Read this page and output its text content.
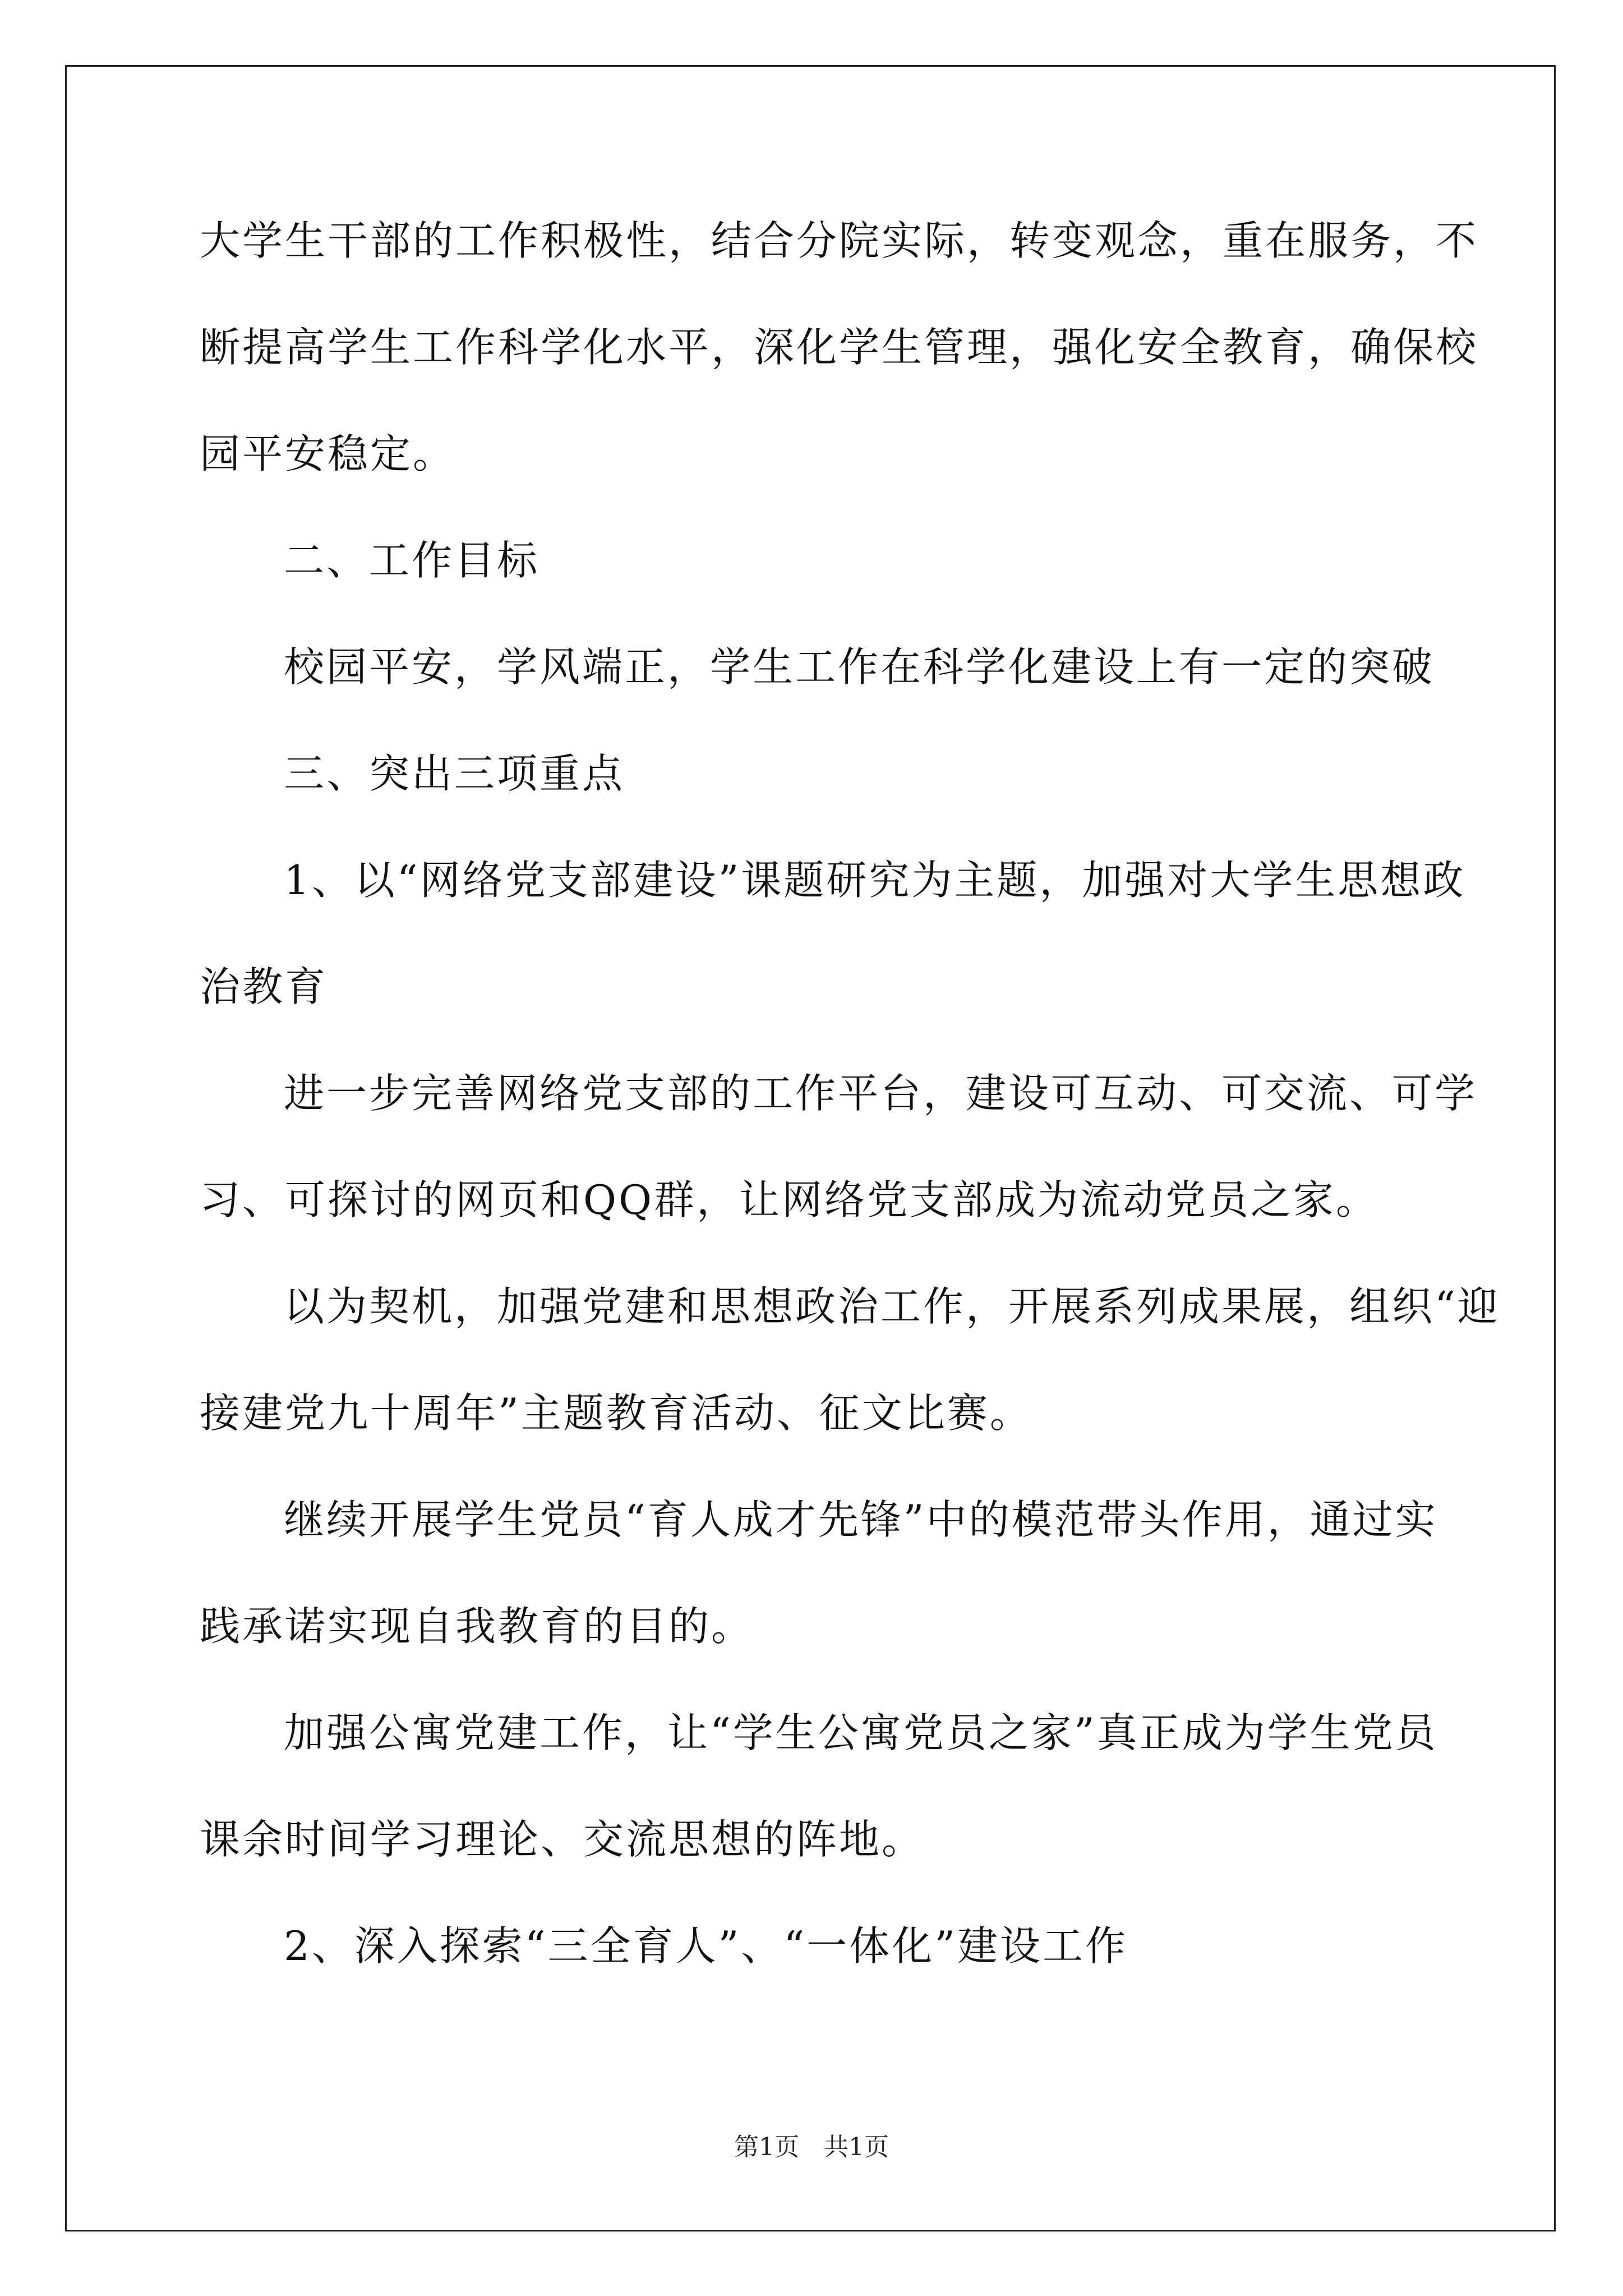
大学生干部的工作积极性，结合分院实际，转变观念，重在服务，不
断提高学生工作科学化水平，深化学生管理，强化安全教育，确保校
园平安稳定。
二、工作目标
校园平安，学风端正，学生工作在科学化建设上有一定的突破
三、突出三项重点
1、以“网络党支部建设”课题研究为主题，加强对大学生思想政
治教育
进一步完善网络党支部的工作平台，建设可互动、可交流、可学
习、可探讨的网页和QQ群，让网络党支部成为流动党员之家。
以为契机，加强党建和思想政治工作，开展系列成果展，组织“迎
接建党九十周年”主题教育活动、征文比赛。
继续开展学生党员“育人成才先锋”中的模范带头作用，通过实
践承诺实现自我教育的目的。
加强公寓党建工作，让“学生公寓党员之家”真正成为学生党员
课余时间学习理论、交流思想的阵地。
2、深入探索“三全育人”、“一体化”建设工作
第1页　共1页
